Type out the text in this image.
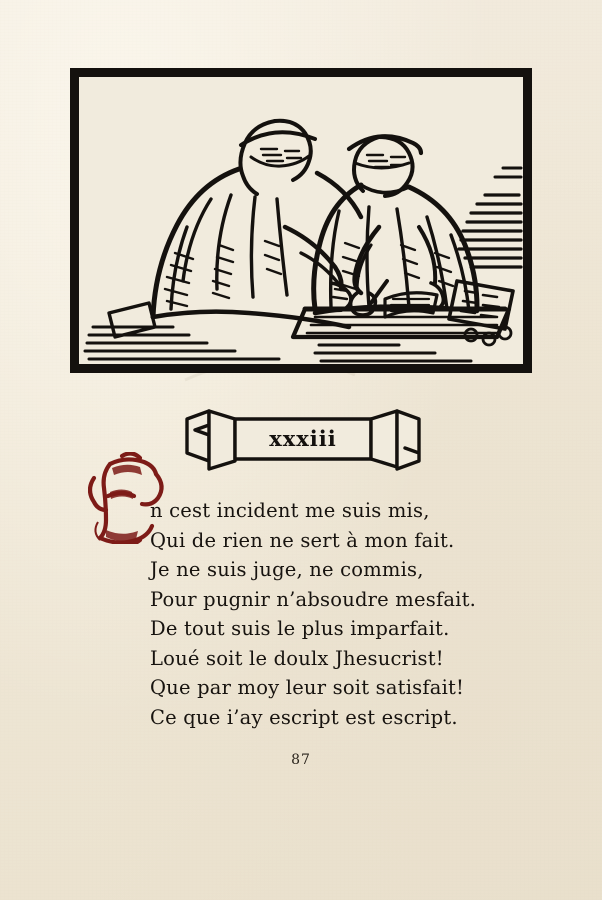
xxxiii
n cest incident me suis mis,
Qui de rien ne sert à mon fait.
Je ne suis juge, ne commis,
Pour pugnir n’absoudre mesfait.
De tout suis le plus imparfait.
Loué soit le doulx Jhesucrist!
Que par moy leur soit satisfait!
Ce que i’ay escript est escript.
87
